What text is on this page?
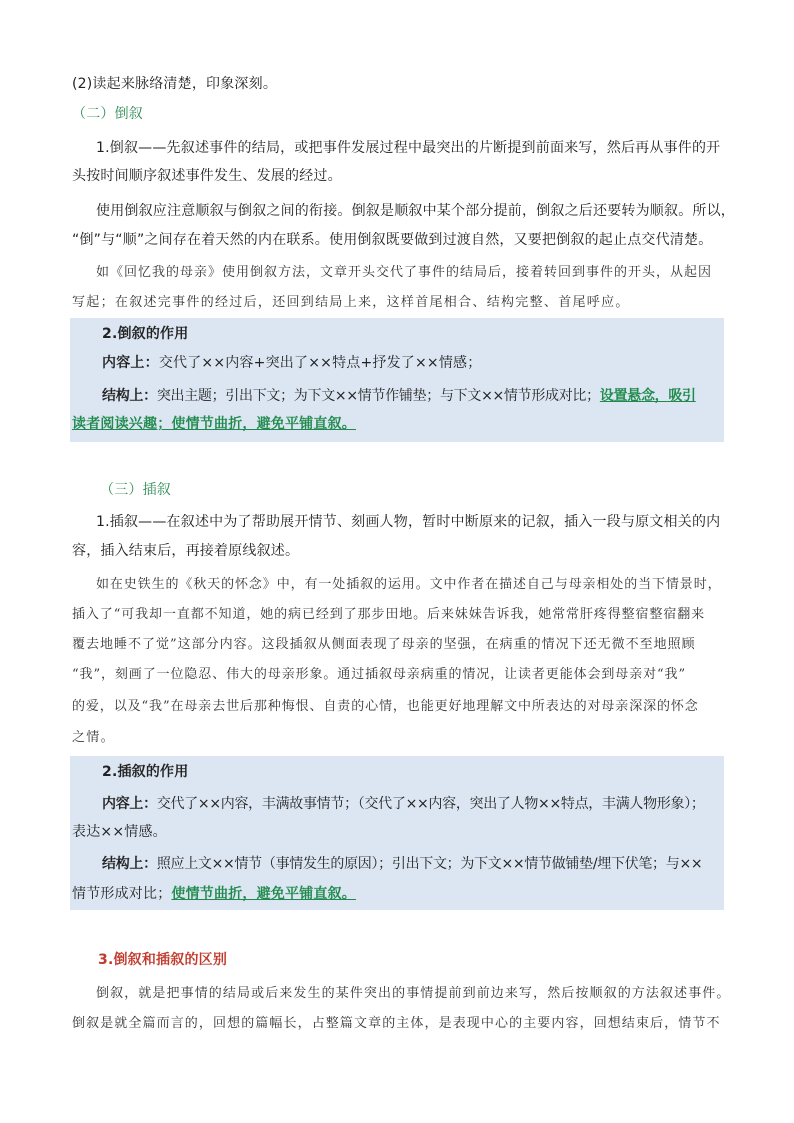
(2)读起来脉络清楚，印象深刻。
（二）倒叙
1.倒叙——先叙述事件的结局，或把事件发展过程中最突出的片断提到前面来写，然后再从事件的开
头按时间顺序叙述事件发生、发展的经过。
使用倒叙应注意顺叙与倒叙之间的衔接。倒叙是顺叙中某个部分提前，倒叙之后还要转为顺叙。所以，
“倒”与“顺”之间存在着天然的内在联系。使用倒叙既要做到过渡自然，又要把倒叙的起止点交代清楚。
如《回忆我的母亲》使用倒叙方法，文章开头交代了事件的结局后，接着转回到事件的开头，从起因
写起；在叙述完事件的经过后，还回到结局上来，这样首尾相合、结构完整、首尾呼应。
2.倒叙的作用
内容上：交代了××内容+突出了××特点+抒发了××情感；
结构上：突出主题；引出下文；为下文××情节作铺垫；与下文××情节形成对比；设置悬念，吸引
读者阅读兴趣；使情节曲折，避免平铺直叙。
（三）插叙
1.插叙——在叙述中为了帮助展开情节、刻画人物，暂时中断原来的记叙，插入一段与原文相关的内
容，插入结束后，再接着原线叙述。
如在史铁生的《秋天的怀念》中，有一处插叙的运用。文中作者在描述自己与母亲相处的当下情景时，
插入了“可我却一直都不知道，她的病已经到了那步田地。后来妹妹告诉我，她常常肝疼得整宿整宿翻来
覆去地睡不了觉”这部分内容。这段插叙从侧面表现了母亲的坚强，在病重的情况下还无微不至地照顾
“我”，刻画了一位隐忍、伟大的母亲形象。通过插叙母亲病重的情况，让读者更能体会到母亲对“我”
的爱，以及“我”在母亲去世后那种悔恨、自责的心情，也能更好地理解文中所表达的对母亲深深的怀念
之情。
2.插叙的作用
内容上：交代了××内容，丰满故事情节；（交代了××内容，突出了人物××特点，丰满人物形象）；
表达××情感。
结构上：照应上文××情节（事情发生的原因）；引出下文；为下文××情节做铺垫/埋下伏笔；与××
情节形成对比；使情节曲折，避免平铺直叙。
3.倒叙和插叙的区别
倒叙，就是把事情的结局或后来发生的某件突出的事情提前到前边来写，然后按顺叙的方法叙述事件。
倒叙是就全篇而言的，回想的篇幅长，占整篇文章的主体，是表现中心的主要内容，回想结束后，情节不
